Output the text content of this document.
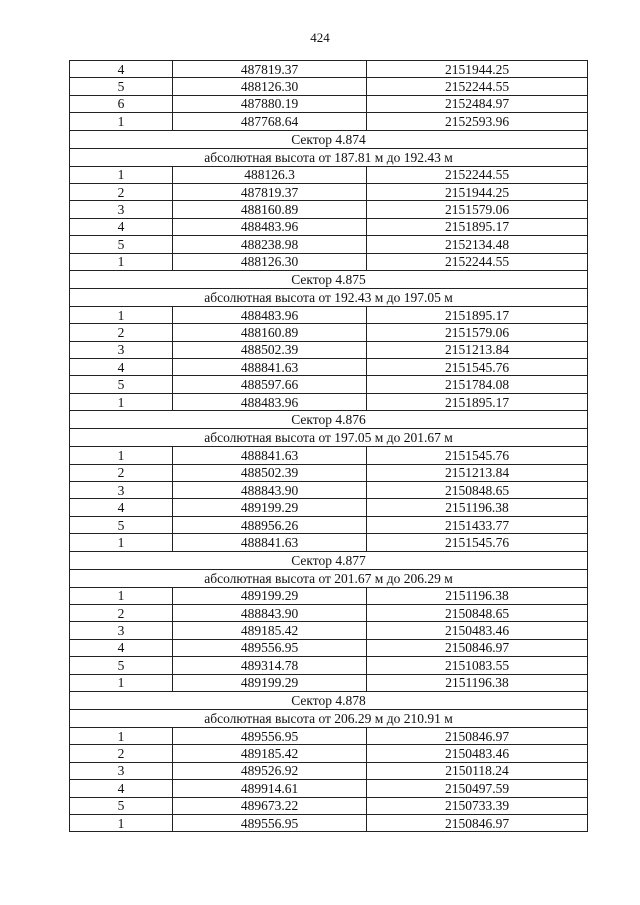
424
4	487819.37	2151944.25
5	488126.30	2152244.55
6	487880.19	2152484.97
1	487768.64	2152593.96
Сектор 4.874		
абсолютная высота от 187.81 м до 192.43 м		
1	488126.3	2152244.55
2	487819.37	2151944.25
3	488160.89	2151579.06
4	488483.96	2151895.17
5	488238.98	2152134.48
1	488126.30	2152244.55
Сектор 4.875		
абсолютная высота от 192.43 м до 197.05 м		
1	488483.96	2151895.17
2	488160.89	2151579.06
3	488502.39	2151213.84
4	488841.63	2151545.76
5	488597.66	2151784.08
1	488483.96	2151895.17
Сектор 4.876		
абсолютная высота от 197.05 м до 201.67 м		
1	488841.63	2151545.76
2	488502.39	2151213.84
3	488843.90	2150848.65
4	489199.29	2151196.38
5	488956.26	2151433.77
1	488841.63	2151545.76
Сектор 4.877		
абсолютная высота от 201.67 м до 206.29 м		
1	489199.29	2151196.38
2	488843.90	2150848.65
3	489185.42	2150483.46
4	489556.95	2150846.97
5	489314.78	2151083.55
1	489199.29	2151196.38
Сектор 4.878		
абсолютная высота от 206.29 м до 210.91 м		
1	489556.95	2150846.97
2	489185.42	2150483.46
3	489526.92	2150118.24
4	489914.61	2150497.59
5	489673.22	2150733.39
1	489556.95	2150846.97
